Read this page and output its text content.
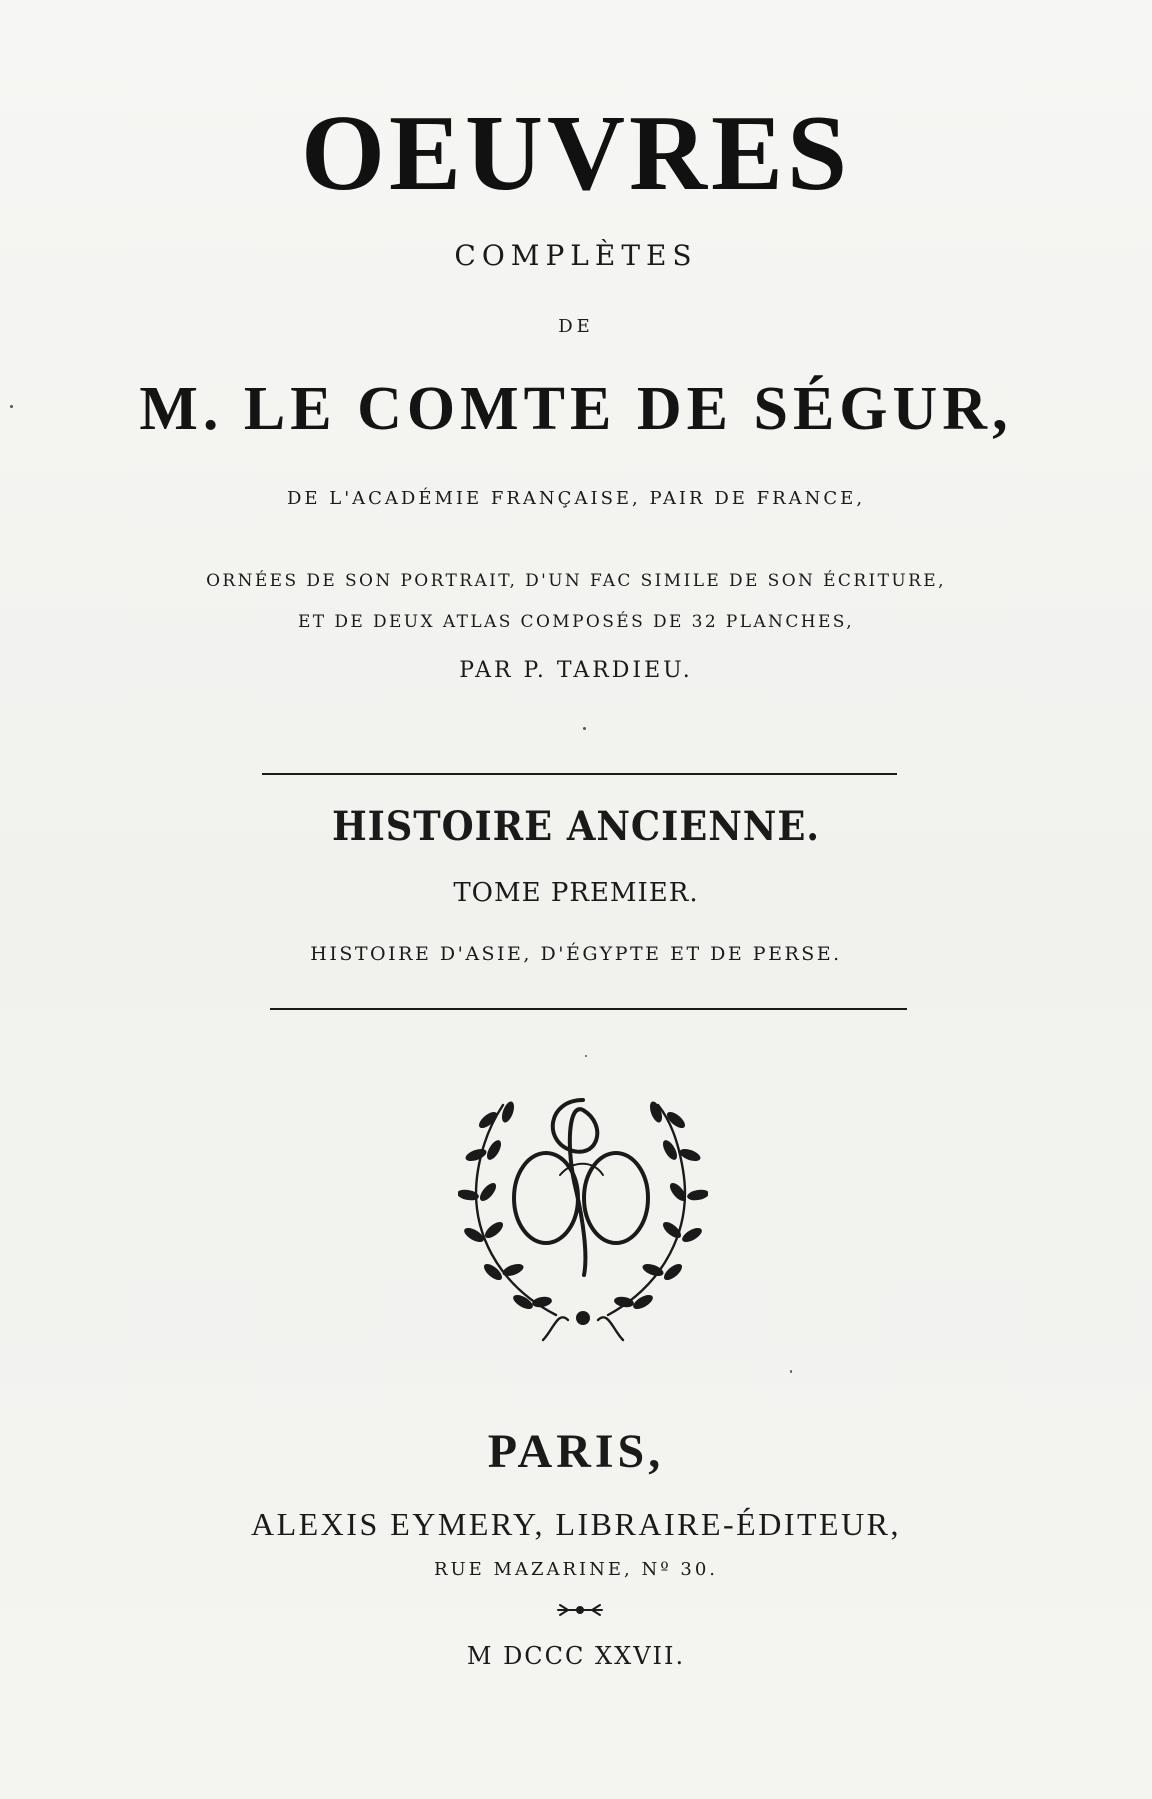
OEUVRES
COMPLÈTES
DE
M. LE COMTE DE SÉGUR,
DE L'ACADÉMIE FRANÇAISE, PAIR DE FRANCE,
ORNÉES DE SON PORTRAIT, D'UN FAC SIMILE DE SON ÉCRITURE,
ET DE DEUX ATLAS COMPOSÉS DE 32 PLANCHES,
PAR P. TARDIEU.
HISTOIRE ANCIENNE.
TOME PREMIER.
HISTOIRE D'ASIE, D'ÉGYPTE ET DE PERSE.
PARIS,
ALEXIS EYMERY, LIBRAIRE-ÉDITEUR,
RUE MAZARINE, Nº 30.
M DCCC XXVII.
